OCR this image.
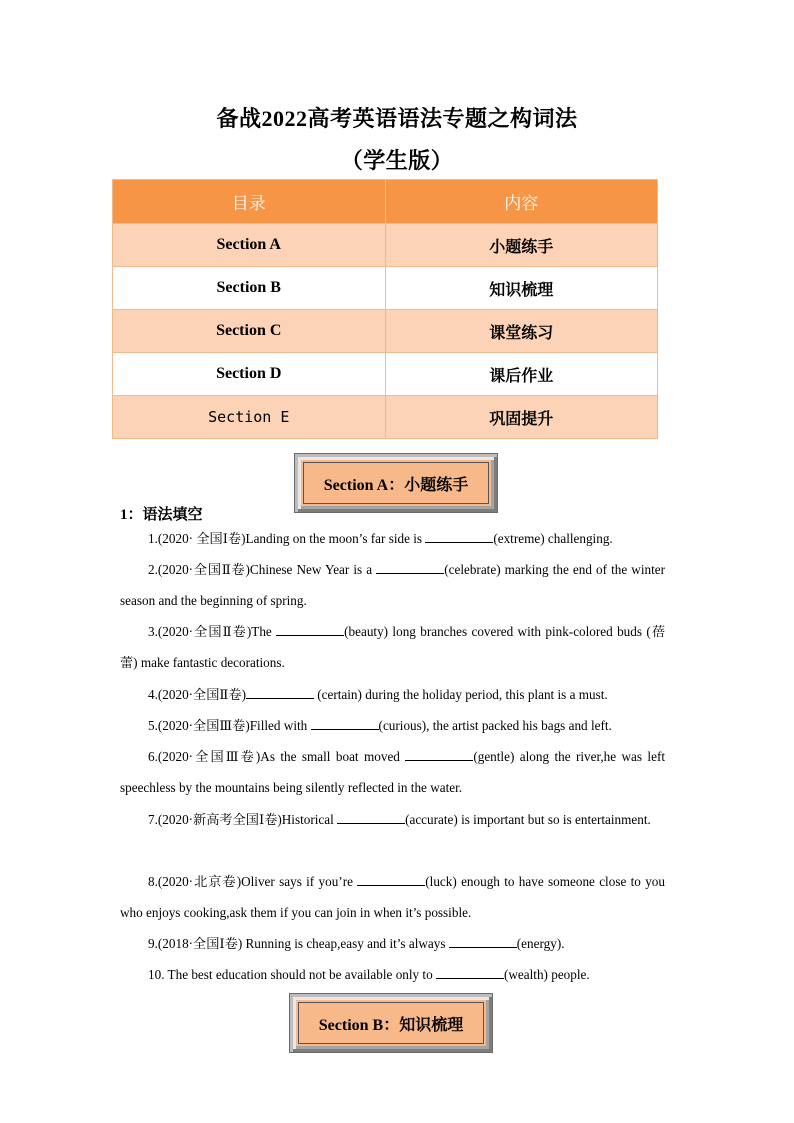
备战2022高考英语语法专题之构词法
（学生版）
目录	内容
Section A	小题练手
Section B	知识梳理
Section C	课堂练习
Section D	课后作业
Section E	巩固提升
Section A：小题练手
1：语法填空
1.(2020· 全国Ⅰ卷)Landing on the moon’s far side is	(extreme) challenging.
2.(2020·全国Ⅱ卷)Chinese New Year is a	(celebrate) marking the end of the winter season and the beginning of spring.
3.(2020·全国Ⅱ卷)The	(beauty) long branches covered with pink-colored buds (蓓蕾) make fantastic decorations.
4.(2020·全国Ⅱ卷)	(certain) during the holiday period, this plant is a must.
5.(2020·全国Ⅲ卷)Filled with	(curious), the artist packed his bags and left.
6.(2020·全国Ⅲ卷)As the small boat moved	(gentle) along the river,he was left speechless by the mountains being silently reflected in the water.
7.(2020·新高考全国Ⅰ卷)Historical	(accurate) is important but so is entertainment.
8.(2020·北京卷)Oliver says if you’re	(luck) enough to have someone close to you who enjoys cooking,ask them if you can join in when it’s possible.
9.(2018·全国Ⅰ卷) Running is cheap,easy and it’s always	(energy).
10. The best education should not be available only to	(wealth) people.
Section B：知识梳理
